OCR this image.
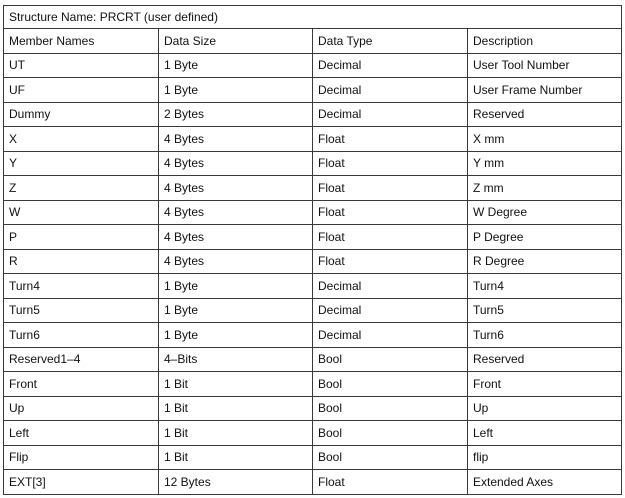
Structure Name: PRCRT (user defined)			
Member Names	Data Size	Data Type	Description
UT	1 Byte	Decimal	User Tool Number
UF	1 Byte	Decimal	User Frame Number
Dummy	2 Bytes	Decimal	Reserved
X	4 Bytes	Float	X mm
Y	4 Bytes	Float	Y mm
Z	4 Bytes	Float	Z mm
W	4 Bytes	Float	W Degree
P	4 Bytes	Float	P Degree
R	4 Bytes	Float	R Degree
Turn4	1 Byte	Decimal	Turn4
Turn5	1 Byte	Decimal	Turn5
Turn6	1 Byte	Decimal	Turn6
Reserved1–4	4–Bits	Bool	Reserved
Front	1 Bit	Bool	Front
Up	1 Bit	Bool	Up
Left	1 Bit	Bool	Left
Flip	1 Bit	Bool	flip
EXT[3]	12 Bytes	Float	Extended Axes
